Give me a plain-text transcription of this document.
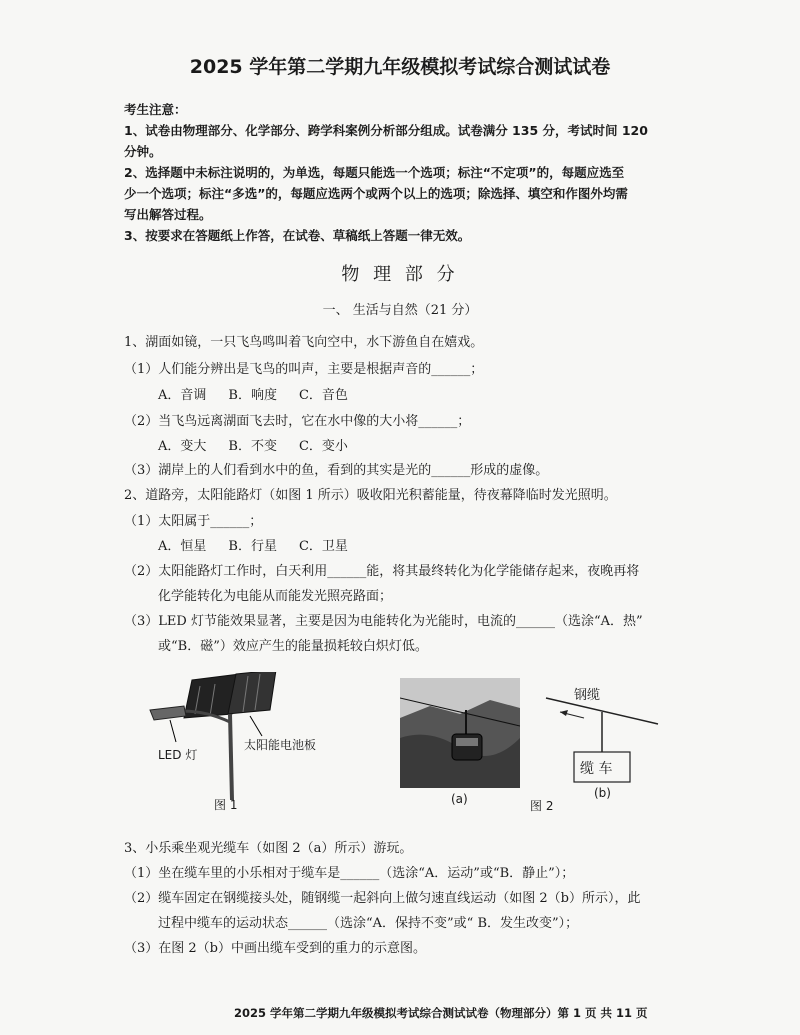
2025 学年第二学期九年级模拟考试综合测试试卷
考生注意：
1、试卷由物理部分、化学部分、跨学科案例分析部分组成。试卷满分 135 分，考试时间 120
分钟。
2、选择题中未标注说明的，为单选，每题只能选一个选项；标注“不定项”的，每题应选至
少一个选项；标注“多选”的，每题应选两个或两个以上的选项；除选择、填空和作图外均需
写出解答过程。
3、按要求在答题纸上作答，在试卷、草稿纸上答题一律无效。
物 理 部 分
一、 生活与自然（21 分）
1、湖面如镜，一只飞鸟鸣叫着飞向空中，水下游鱼自在嬉戏。
（1）人们能分辨出是飞鸟的叫声，主要是根据声音的______；
A．音调 B．响度 C．音色
（2）当飞鸟远离湖面飞去时，它在水中像的大小将______；
A．变大 B．不变 C．变小
（3）湖岸上的人们看到水中的鱼，看到的其实是光的______形成的虚像。
2、道路旁，太阳能路灯（如图 1 所示）吸收阳光积蓄能量，待夜幕降临时发光照明。
（1）太阳属于______；
A．恒星 B．行星 C．卫星
（2）太阳能路灯工作时，白天利用______能，将其最终转化为化学能储存起来，夜晚再将
化学能转化为电能从而能发光照亮路面；
（3）LED 灯节能效果显著，主要是因为电能转化为光能时，电流的______（选涂“A．热”
或“B．磁”）效应产生的能量损耗较白炽灯低。
LED 灯
太阳能电池板
图 1	(a)	图 2
钢缆
缆 车
(b)
3、小乐乘坐观光缆车（如图 2（a）所示）游玩。
（1）坐在缆车里的小乐相对于缆车是______（选涂“A．运动”或“B．静止”）；
（2）缆车固定在钢缆接头处，随钢缆一起斜向上做匀速直线运动（如图 2（b）所示），此
过程中缆车的运动状态______（选涂“A．保持不变”或“ B．发生改变”）；
（3）在图 2（b）中画出缆车受到的重力的示意图。
2025 学年第二学期九年级模拟考试综合测试试卷（物理部分）第 1 页 共 11 页
